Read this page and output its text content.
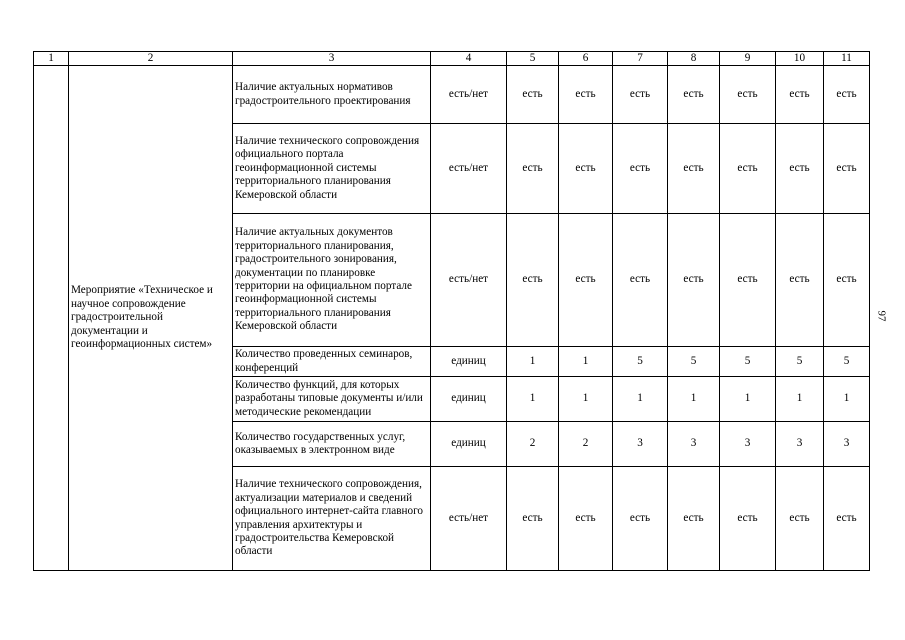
1	2	3	4	5	6	7	8	9	10	11
	Мероприятие «Техническое и научное сопровождение градостроительной документации и геоинформационных систем»	Наличие актуальных нормативов градостроительного проектирования	есть/нет	есть	есть	есть	есть	есть	есть	есть
		Наличие технического сопровождения официального портала геоинформационной системы территориального планирования Кемеровской области	есть/нет	есть	есть	есть	есть	есть	есть	есть
		Наличие актуальных документов территориального планирования, градостроительного зонирования, документации по планировке территории на официальном портале геоинформационной системы территориального планирования Кемеровской области	есть/нет	есть	есть	есть	есть	есть	есть	есть
		Количество проведенных семинаров, конференций	единиц	1	1	5	5	5	5	5
		Количество функций, для которых разработаны типовые документы и/или методические рекомендации	единиц	1	1	1	1	1	1	1
		Количество государственных услуг, оказываемых в электронном виде	единиц	2	2	3	3	3	3	3
		Наличие технического сопровождения, актуализации материалов и сведений официального интернет-сайта главного управления архитектуры и градостроительства Кемеровской области	есть/нет	есть	есть	есть	есть	есть	есть	есть
97
